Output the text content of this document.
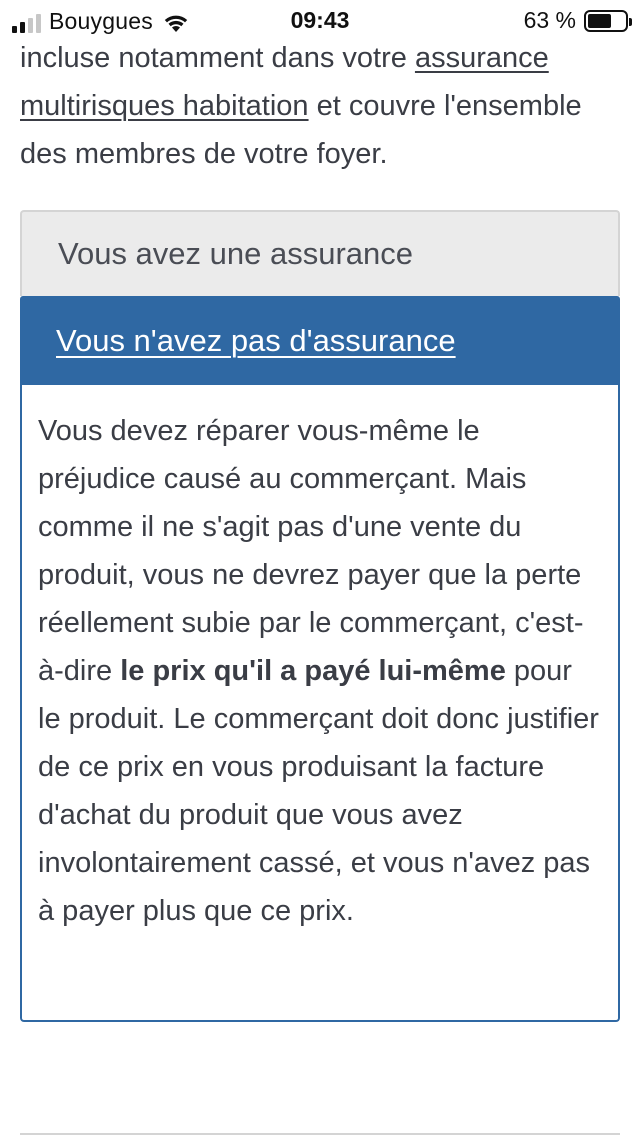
Bouygues	09:43	63 %

incluse notamment dans votre assurance multirisques habitation et couvre l'ensemble des membres de votre foyer.

Vous avez une assurance
Vous n'avez pas d'assurance

Vous devez réparer vous-même le préjudice causé au commerçant. Mais comme il ne s'agit pas d'une vente du produit, vous ne devrez payer que la perte réellement subie par le commerçant, c'est-à-dire le prix qu'il a payé lui-même pour le produit. Le commerçant doit donc justifier de ce prix en vous produisant la facture d'achat du produit que vous avez involontairement cassé, et vous n'avez pas à payer plus que ce prix.
